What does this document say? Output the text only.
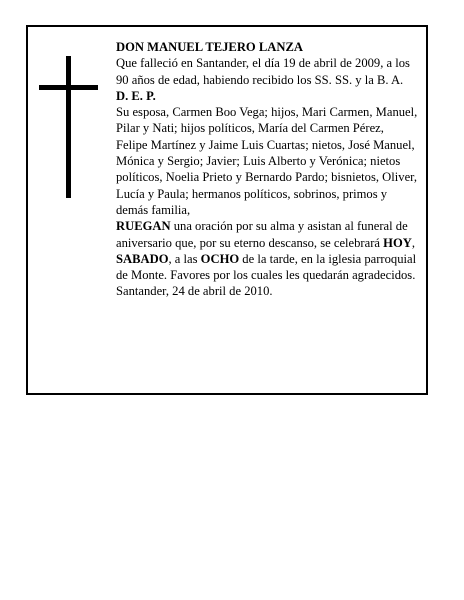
DON MANUEL TEJERO LANZA

Que falleció en Santander, el día 19 de abril de 2009, a los 90 años de edad, habiendo recibido los SS. SS. y la B. A.

D. E. P.

Su esposa, Carmen Boo Vega; hijos, Mari Carmen, Manuel, Pilar y Nati; hijos políticos, María del Carmen Pérez, Felipe Martínez y Jaime Luis Cuartas; nietos, José Manuel, Mónica y Sergio; Javier; Luis Alberto y Verónica; nietos políticos, Noelia Prieto y Bernardo Pardo; bisnietos, Oliver, Lucía y Paula; hermanos políticos, sobrinos, primos y demás familia,

RUEGAN una oración por su alma y asistan al funeral de aniversario que, por su eterno descanso, se celebrará HOY, SABADO, a las OCHO de la tarde, en la iglesia parroquial de Monte. Favores por los cuales les quedarán agradecidos.

Santander, 24 de abril de 2010.
